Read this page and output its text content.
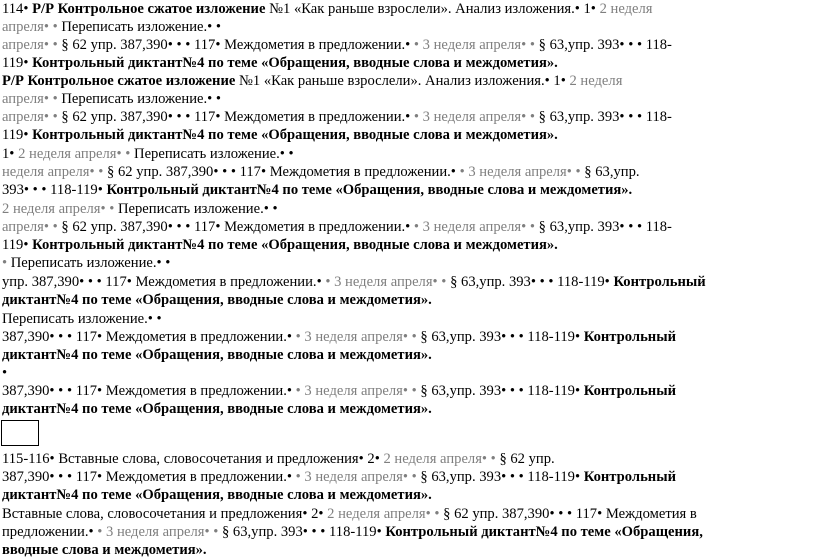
114• Р/Р Контрольное сжатое изложение №1 «Как раньше взрослели». Анализ изложения.• 1• 2 неделя
апреля• • Переписать изложение.• •
апреля• • § 62 упр. 387,390• • • 117• Междометия в предложении.• • 3 неделя апреля• • § 63,упр. 393• • • 118-
119• Контрольный диктант№4 по теме «Обращения, вводные слова и междометия».
Р/Р Контрольное сжатое изложение №1 «Как раньше взрослели». Анализ изложения.• 1• 2 неделя
апреля• • Переписать изложение.• •
апреля• • § 62 упр. 387,390• • • 117• Междометия в предложении.• • 3 неделя апреля• • § 63,упр. 393• • • 118-
119• Контрольный диктант№4 по теме «Обращения, вводные слова и междометия».
1• 2 неделя апреля• • Переписать изложение.• •
неделя апреля• • § 62 упр. 387,390• • • 117• Междометия в предложении.• • 3 неделя апреля• • § 63,упр.
393• • • 118-119• Контрольный диктант№4 по теме «Обращения, вводные слова и междометия».
2 неделя апреля• • Переписать изложение.• •
апреля• • § 62 упр. 387,390• • • 117• Междометия в предложении.• • 3 неделя апреля• • § 63,упр. 393• • • 118-
119• Контрольный диктант№4 по теме «Обращения, вводные слова и междометия».
• Переписать изложение.• •
упр. 387,390• • • 117• Междометия в предложении.• • 3 неделя апреля• • § 63,упр. 393• • • 118-119• Контрольный
диктант№4 по теме «Обращения, вводные слова и междометия».
Переписать изложение.• •
387,390• • • 117• Междометия в предложении.• • 3 неделя апреля• • § 63,упр. 393• • • 118-119• Контрольный
диктант№4 по теме «Обращения, вводные слова и междометия».
•
387,390• • • 117• Междометия в предложении.• • 3 неделя апреля• • § 63,упр. 393• • • 118-119• Контрольный
диктант№4 по теме «Обращения, вводные слова и междометия».
115-116• Вставные слова, словосочетания и предложения• 2• 2 неделя апреля• • § 62 упр.
387,390• • • 117• Междометия в предложении.• • 3 неделя апреля• • § 63,упр. 393• • • 118-119• Контрольный
диктант№4 по теме «Обращения, вводные слова и междометия».
Вставные слова, словосочетания и предложения• 2• 2 неделя апреля• • § 62 упр. 387,390• • • 117• Междометия в
предложении.• • 3 неделя апреля• • § 63,упр. 393• • • 118-119• Контрольный диктант№4 по теме «Обращения,
вводные слова и междометия».
